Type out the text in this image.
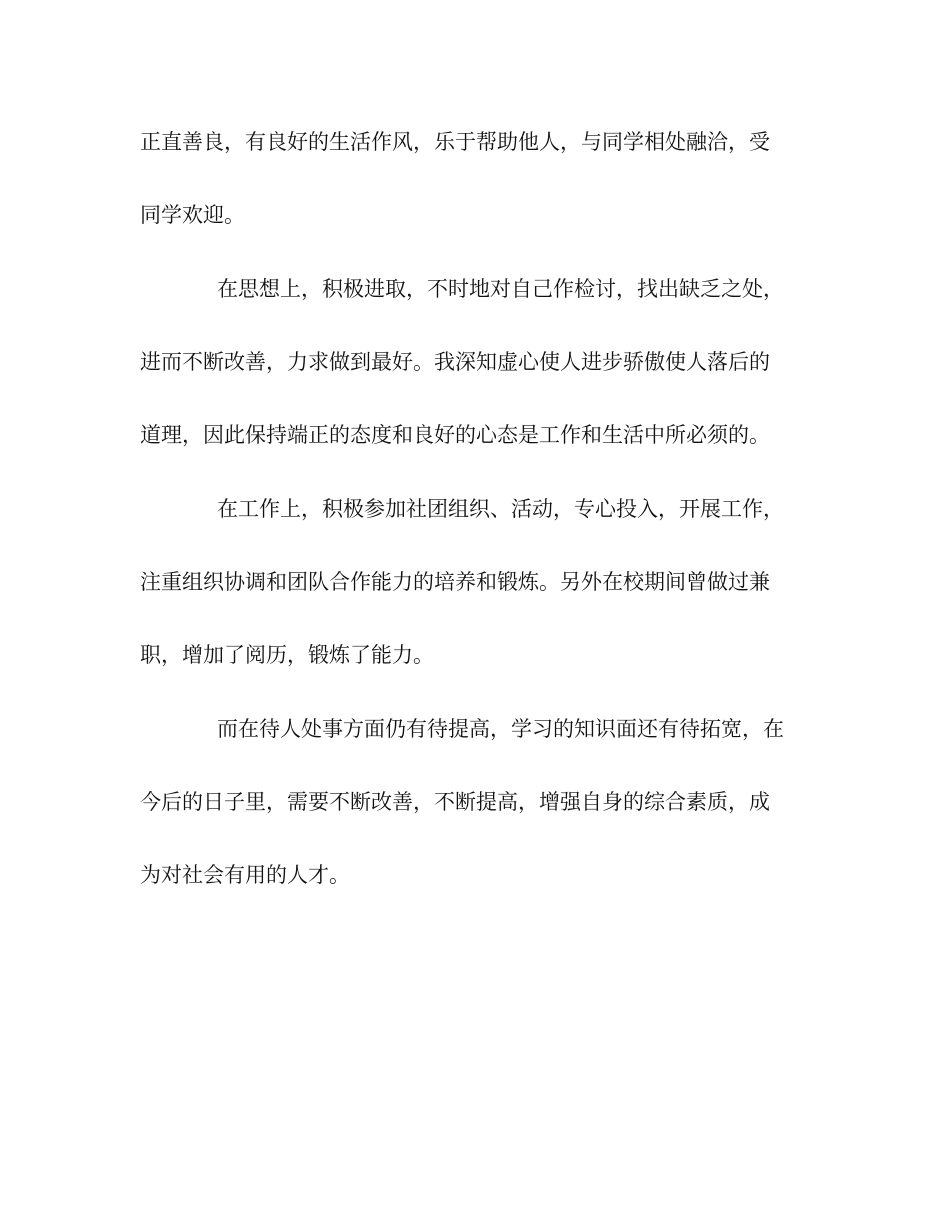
正直善良，有良好的生活作风，乐于帮助他人，与同学相处融洽，受
同学欢迎。
在思想上，积极进取，不时地对自己作检讨，找出缺乏之处，
进而不断改善，力求做到最好。我深知虚心使人进步骄傲使人落后的
道理，因此保持端正的态度和良好的心态是工作和生活中所必须的。
在工作上，积极参加社团组织、活动，专心投入，开展工作，
注重组织协调和团队合作能力的培养和锻炼。另外在校期间曾做过兼
职，增加了阅历，锻炼了能力。
而在待人处事方面仍有待提高，学习的知识面还有待拓宽，在
今后的日子里，需要不断改善，不断提高，增强自身的综合素质，成
为对社会有用的人才。
